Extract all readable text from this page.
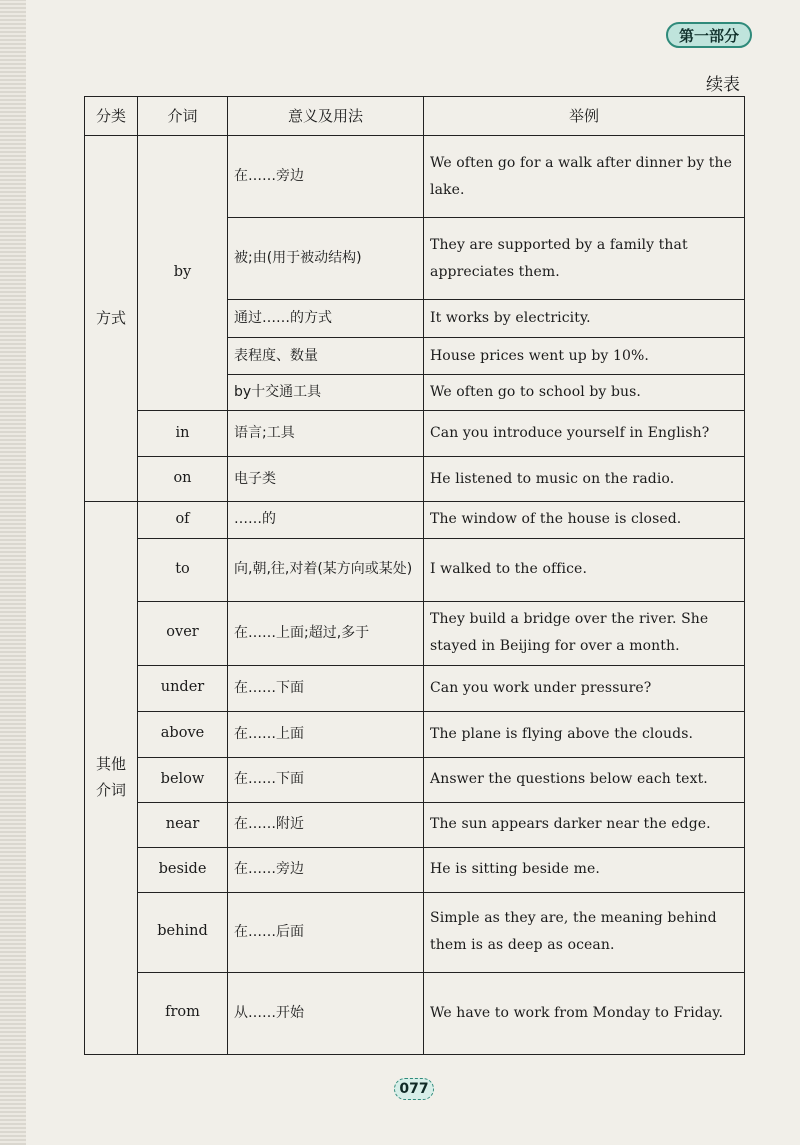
第一部分
续表
分类	介词	意义及用法	举例
方式	by	在……旁边	We often go for a walk after dinner by the lake.
		被;由(用于被动结构)	They are supported by a family that appreciates them.
		通过……的方式	It works by electricity.
		表程度、数量	House prices went up by 10%.
		by十交通工具	We often go to school by bus.
	in	语言;工具	Can you introduce yourself in English?
	on	电子类	He listened to music on the radio.
其他介词	of	……的	The window of the house is closed.
	to	向,朝,往,对着(某方向或某处)	I walked to the office.
	over	在……上面;超过,多于	They build a bridge over the river. She stayed in Beijing for over a month.
	under	在……下面	Can you work under pressure?
	above	在……上面	The plane is flying above the clouds.
	below	在……下面	Answer the questions below each text.
	near	在……附近	The sun appears darker near the edge.
	beside	在……旁边	He is sitting beside me.
	behind	在……后面	Simple as they are, the meaning behind them is as deep as ocean.
	from	从……开始	We have to work from Monday to Friday.
077
